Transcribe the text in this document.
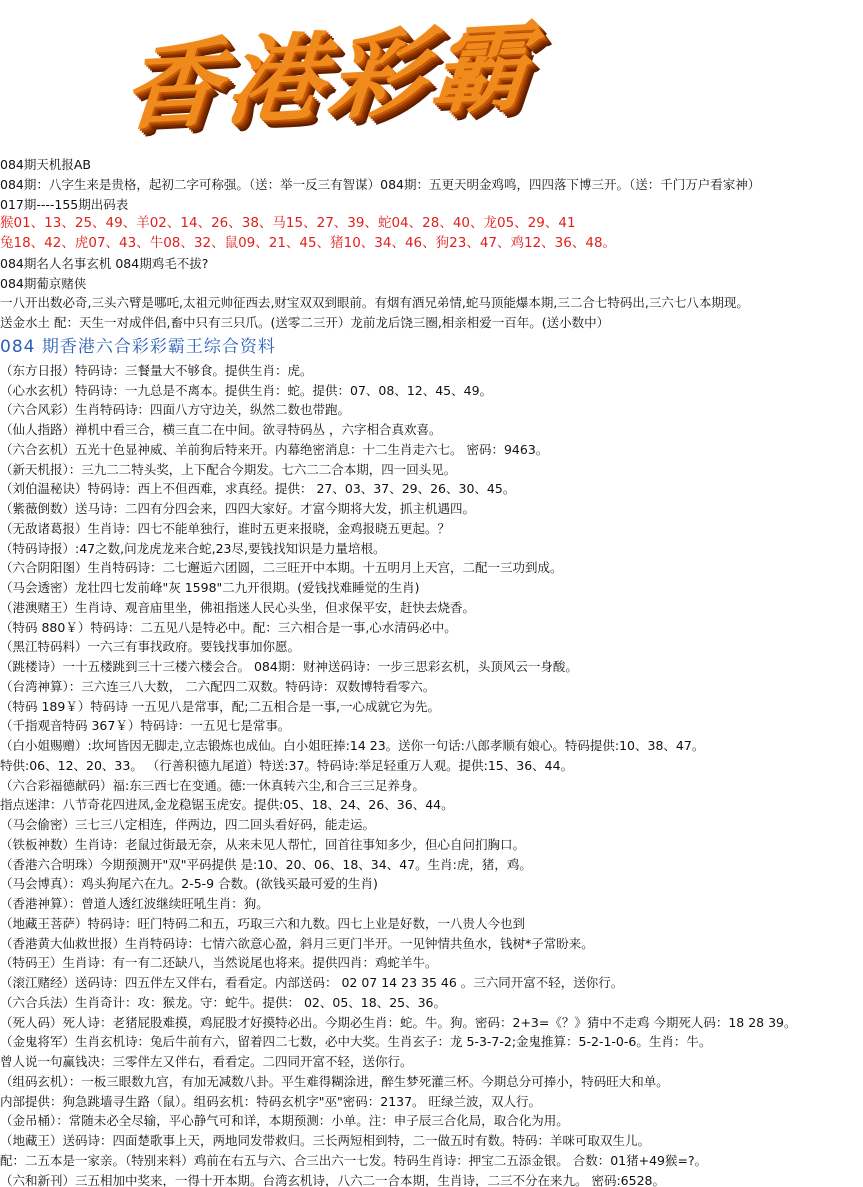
香港彩霸
084期天机报AB
084期：八字生来是贵格，起初二字可称强。（送：举一反三有智谋）084期：五更天明金鸡鸣，四四落下博三开。（送：千门万户看家神）
017期----155期出码表
猴01、13、25、49、羊02、14、26、38、马15、27、39、蛇04、28、40、龙05、29、41
兔18、42、虎07、43、牛08、32、鼠09、21、45、猪10、34、46、狗23、47、鸡12、36、48。
084期名人名事玄机 084期鸡毛不拔?
084期葡京赌侠
一八开出数必奇,三头六臂是哪吒,太祖元帅征西去,财宝双双到眼前。有烟有酒兄弟情,蛇马顶能爆本期,三二合七特码出,三六七八本期现。
送金水土 配：天生一对成伴侣,畜中只有三只爪。(送零二三开）龙前龙后饶三圈,相亲相爱一百年。(送小数中）
084 期香港六合彩彩霸王综合资料
（东方日报）特码诗：三餐量大不够食。提供生肖：虎。
（心水玄机）特码诗：一九总是不离本。提供生肖：蛇。提供：07、08、12、45、49。
（六合风彩）生肖特码诗：四面八方守边关，纵然二数也带跑。
（仙人指路）禅机中看三合，横三直二在中间。欲寻特码丛 ，六字相合真欢喜。
（六合玄机）五光十色显神威、羊前狗后特来开。内幕绝密消息：十二生肖走六七。 密码：9463。
（新天机报）：三九二二特头奖，上下配合今期发。七六二二合本期，四一回头见。
（刘伯温秘诀）特码诗：西上不但西难，求真经。提供： 27、03、37、29、26、30、45。
（紫薇倒数）送马诗：二四有分四会来，四四大家好。才富今期将大发，抓主机遇四。
（无敌诸葛报）生肖诗：四七不能单独行，谁时五更来报晓，金鸡报晓五更起。？
（特码诗报）:47之数,问龙虎龙来合蛇,23尽,要钱找知识是力量培根。
（六合阴阳图）生肖特码诗：二七邂逅六团圆，二三旺开中本期。十五明月上天宫，二配一三功到成。
（马会透密）龙壮四七发前峰"灰 1598"二九开很期。(爱钱找难睡觉的生肖)
（港澳赌王）生肖诗、观音庙里坐，佛祖指迷人民心头坐，但求保平安，赶快去烧香。
（特码 880￥）特码诗：二五见八是特必中。配：三六相合是一事,心水清码必中。
（黑江特码料）一六三有事找政府。要钱找事加你愿。
（跳楼诗）一十五楼跳到三十三楼六楼会合。 084期：财神送码诗：一步三思彩玄机，头顶风云一身酸。
（台湾神算）：三六连三八大数， 二六配四二双数。特码诗：双数博特看零六。
（特码 189￥）特码诗 一五见八是常事，配;二五相合是一事,一心成就它为先。
（千指观音特码 367￥）特码诗：一五见七是常事。
（白小姐赐赠）:坎坷皆因无脚走,立志锻炼也成仙。白小姐旺捧:14 23。送你一句话:八郎孝顺有娘心。特码提供:10、38、47。
特供:06、12、20、33。 （行善积德九尾道）特送:37。特码诗:举足轻重万人观。提供:15、36、44。
（六合彩福德献码）福:东三西七在变通。德:一休真转六尘,和合三三足养身。
指点迷津：八节奇花四进凤,金龙稳锯玉虎安。提供:05、18、24、26、36、44。
（马会偷密）三七三八定相连，伴两边，四二回头看好码，能走运。
（铁板神数）生肖诗：老鼠过街最无奈，从来未见人帮忙，回首往事知多少，但心自问扪胸口。
（香港六合明珠）今期预测开"双"平码提供 是:10、20、06、18、34、47。生肖:虎，猪，鸡。
（马会博真）：鸡头狗尾六在九。2-5-9 合数。(欲钱买最可爱的生肖)
（香港神算）：曾道人透红波继续旺吼生肖：狗。
（地藏王菩萨）特码诗：旺门特码二和五，巧取三六和九数。四七上业是好数，一八贵人今也到
（香港黄大仙救世报）生肖特码诗：七情六欲意心盈，斜月三更门半开。一见钟情共鱼水，钱树*子常盼来。
（特码王）生肖诗：有一有二还缺八，当然说尾也将来。提供四肖：鸡蛇羊牛。
（滚江赌经）送码诗：四五伴左又伴右，看看定。内部送码： 02 07 14 23 35 46 。三六同开富不轻，送你行。
（六合兵法）生肖奇计：攻：猴龙。守：蛇牛。提供： 02、05、18、25、36。
（死人码）死人诗：老猪屁股难摸，鸡屁股才好摸特必出。今期必生肖：蛇。牛。狗。密码：2+3=《？》猜中不走鸡 今期死人码：18 28 39。
（金鬼将军）生肖玄机诗：兔后牛前有六，留着四二七数，必中大奖。生肖玄子：龙 5-3-7-2;金鬼推算：5-2-1-0-6。生肖：牛。
曾人说一句赢钱决：三零伴左又伴右，看看定。二四同开富不轻，送你行。
（组码玄机）：一板三眼数九宫，有加无减数八卦。平生难得糊涂进，醉生梦死灌三杯。今期总分可捧小，特码旺大和单。
内部提供：狗急跳墙寻生路（鼠）。组码玄机：特码玄机字"巫"密码：2137。 旺绿兰波，双人行。
（金吊桶）：常随未必全尽输，平心静气可和详，本期预测：小单。注：申子辰三合化局，取合化为用。
（地藏王）送码诗：四面楚歌事上天，两地同发带救归。三长两短相到特，二一做五时有数。特码：羊咪可取双生儿。
配：二五本是一家亲。（特别来料）鸡前在右五与六、合三出六一七发。特码生肖诗：押宝二五添金银。 合数：01猪+49猴=?。
（六和新刊）三五相加中奖来，一得十开本期。台湾玄机诗，八六二一合本期，生肖诗，二三不分在来九。 密码:6528。
